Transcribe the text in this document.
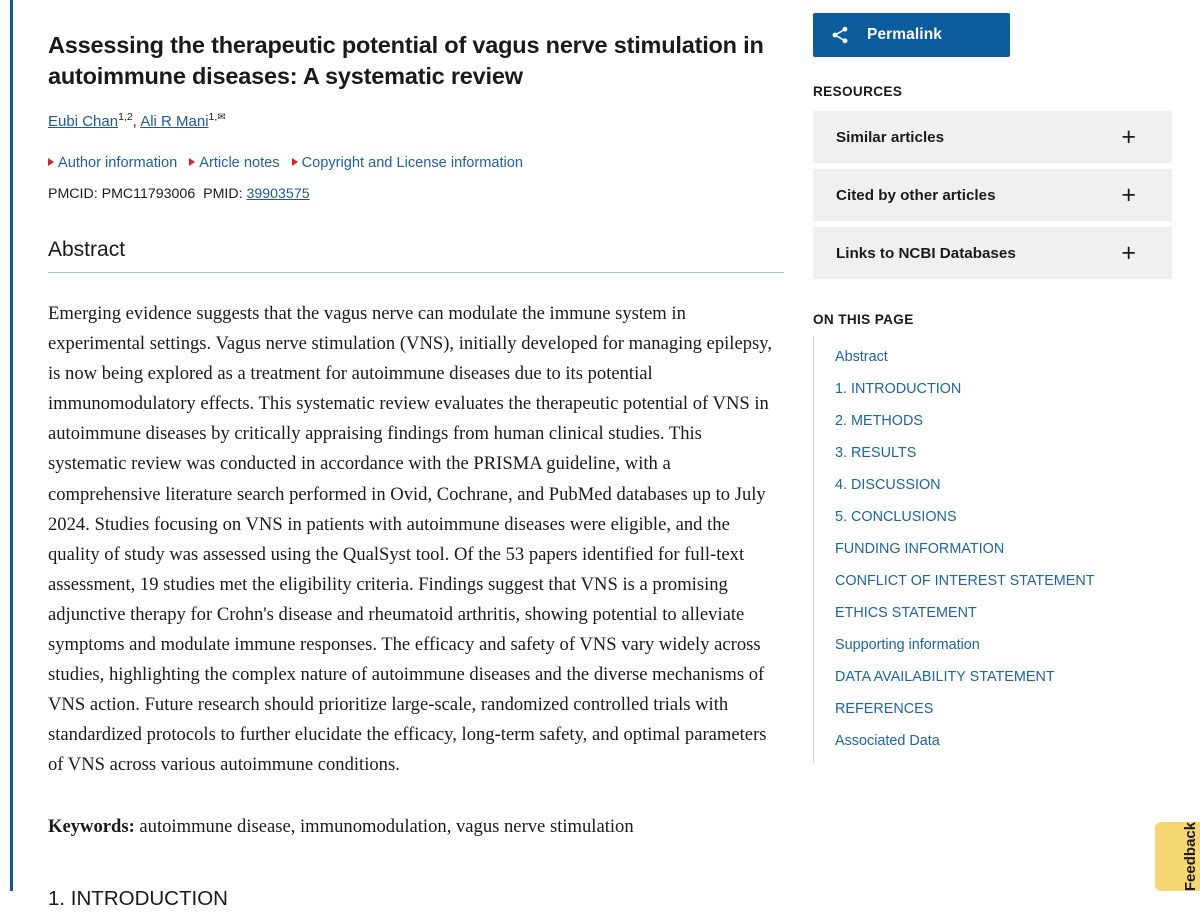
Assessing the therapeutic potential of vagus nerve stimulation in autoimmune diseases: A systematic review
Eubi Chan$^{1,2}$, Ali R Mani$^{1,✉}$
Author information Article notes Copyright and License information
PMCID: PMC11793006 PMID: 39903575
Abstract

Emerging evidence suggests that the vagus nerve can modulate the immune system in experimental settings. Vagus nerve stimulation (VNS), initially developed for managing epilepsy, is now being explored as a treatment for autoimmune diseases due to its potential immunomodulatory effects. This systematic review evaluates the therapeutic potential of VNS in autoimmune diseases by critically appraising findings from human clinical studies. This systematic review was conducted in accordance with the PRISMA guideline, with a comprehensive literature search performed in Ovid, Cochrane, and PubMed databases up to July 2024. Studies focusing on VNS in patients with autoimmune diseases were eligible, and the quality of study was assessed using the QualSyst tool. Of the 53 papers identified for full-text assessment, 19 studies met the eligibility criteria. Findings suggest that VNS is a promising adjunctive therapy for Crohn's disease and rheumatoid arthritis, showing potential to alleviate symptoms and modulate immune responses. The efficacy and safety of VNS vary widely across studies, highlighting the complex nature of autoimmune diseases and the diverse mechanisms of VNS action. Future research should prioritize large-scale, randomized controlled trials with standardized protocols to further elucidate the efficacy, long-term safety, and optimal parameters of VNS across various autoimmune conditions.

Keywords: autoimmune disease, immunomodulation, vagus nerve stimulation

1. INTRODUCTION
Permalink
RESOURCES
Similar articles	+
Cited by other articles	+
Links to NCBI Databases	+
ON THIS PAGE
Abstract
1. INTRODUCTION
2. METHODS
3. RESULTS
4. DISCUSSION
5. CONCLUSIONS
FUNDING INFORMATION
CONFLICT OF INTEREST STATEMENT
ETHICS STATEMENT
Supporting information
DATA AVAILABILITY STATEMENT
REFERENCES
Associated Data
Feedback
